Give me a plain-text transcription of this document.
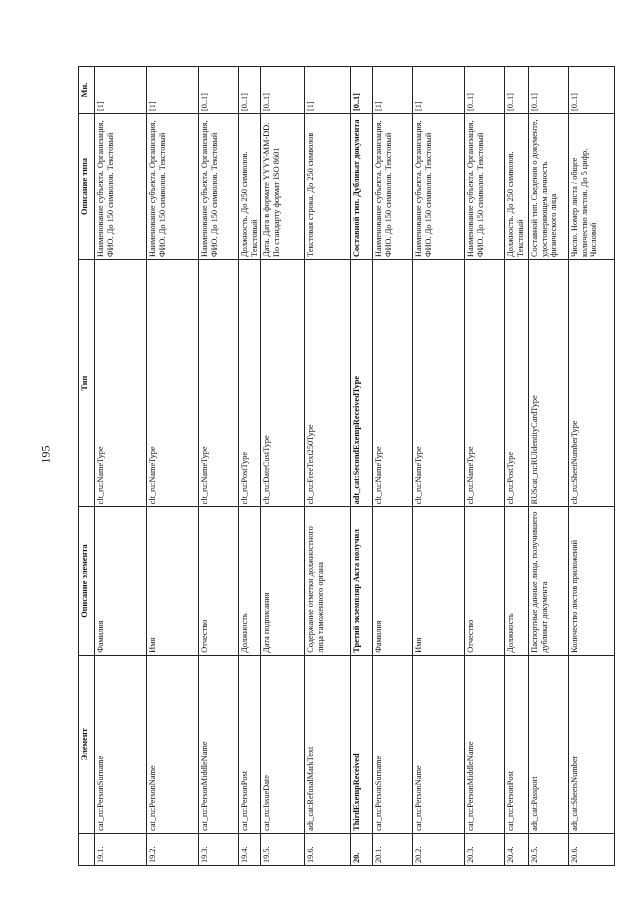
195
	Элемент	Описание элемента	Тип	Описание типа	Мн.
19.1.	cat_ru:PersonSurname	Фамилия	clt_ru:NameType	Наименование субъекта. Организация, ФИО. До 150 символов. Текстовый	[1]
19.2.	cat_ru:PersonName	Имя	clt_ru:NameType	Наименование субъекта. Организация, ФИО. До 150 символов. Текстовый	[1]
19.3.	cat_ru:PersonMiddleName	Отчество	clt_ru:NameType	Наименование субъекта. Организация, ФИО. До 150 символов. Текстовый	[0..1]
19.4.	cat_ru:PersonPost	Должность	clt_ru:PostType	Должность. До 250 символов. Текстовый	[0..1]
19.5.	cat_ru:IssueDate	Дата подписания	clt_ru:DateCustType	Дата. Дата в формате YYYY-MM-DD. По стандарту формат ISO 8601	[0..1]
19.6.	adt_cat:RefusalMarkText	Содержание отметки должностного лица таможенного органа	clt_ru:FreeText250Type	Текстовая строка. До 250 символов	[1]
20.	ThirdExempReceived	Третий экземпляр Акта получил	adt_cat:SecondExempReceivedType	Составной тип. Дубликат документа	[0..1]
20.1.	cat_ru:PersonSurname	Фамилия	clt_ru:NameType	Наименование субъекта. Организация, ФИО. До 150 символов. Текстовый	[1]
20.2.	cat_ru:PersonName	Имя	clt_ru:NameType	Наименование субъекта. Организация, ФИО. До 150 символов. Текстовый	[1]
20.3.	cat_ru:PersonMiddleName	Отчество	clt_ru:NameType	Наименование субъекта. Организация, ФИО. До 150 символов. Текстовый	[0..1]
20.4.	cat_ru:PersonPost	Должность	clt_ru:PostType	Должность. До 250 символов. Текстовый	[0..1]
20.5.	adt_cat:Passport	Паспортные данные лица, получившего дубликат документа	RUScat_ru:RUIdentityCardType	Составной тип. Сведения о документе, удостоверяющем личность физического лица	[0..1]
20.6.	adt_cat:SheetsNumber	Количество листов приложений	clt_ru:SheetNumberType	Число. Номер листа / общее количество листов. До 5 цифр. Числовой	[0..1]
